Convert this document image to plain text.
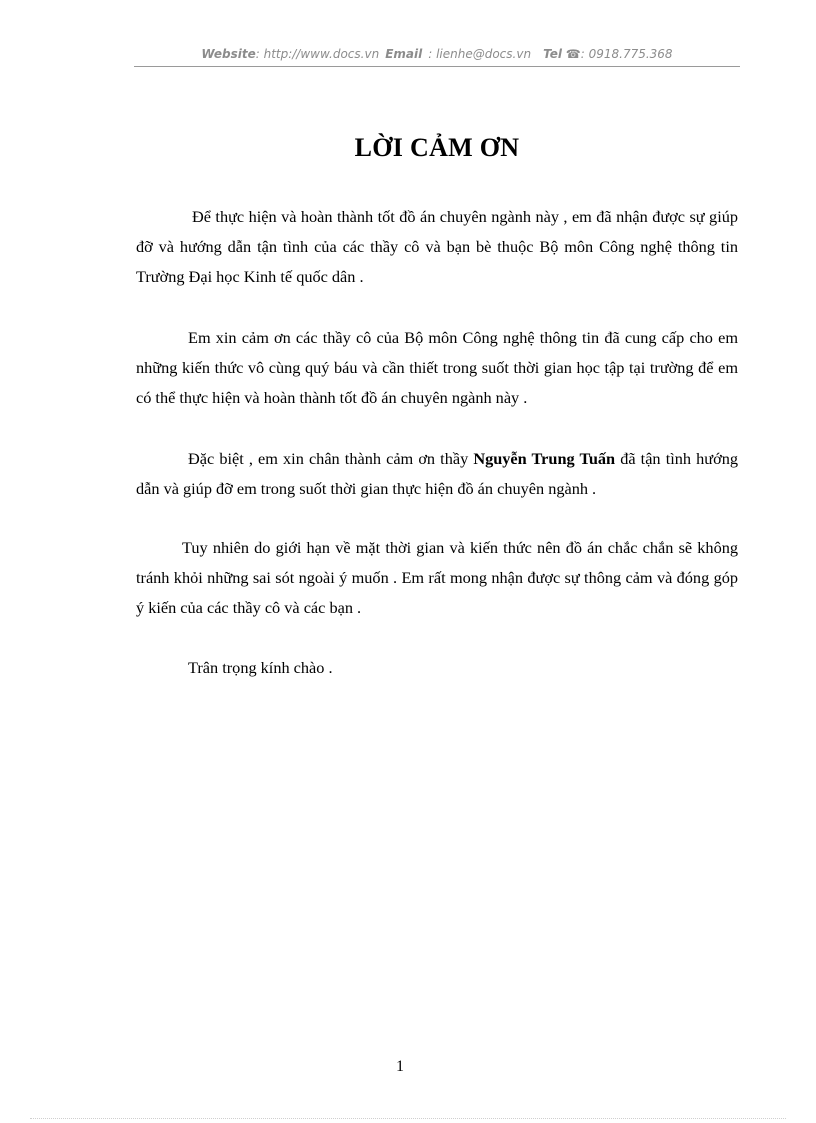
Website: http://www.docs.vn Email : lienhe@docs.vn Tel ☎: 0918.775.368
LỜI CẢM ƠN

Để thực hiện và hoàn thành tốt đồ án chuyên ngành này , em đã nhận được sự giúp đỡ và hướng dẫn tận tình của các thầy cô và bạn bè thuộc Bộ môn Công nghệ thông tin Trường Đại học Kinh tế quốc dân .

Em xin cảm ơn các thầy cô của Bộ môn Công nghệ thông tin đã cung cấp cho em những kiến thức vô cùng quý báu và cần thiết trong suốt thời gian học tập tại trường để em có thể thực hiện và hoàn thành tốt đồ án chuyên ngành này .

Đặc biệt , em xin chân thành cảm ơn thầy Nguyễn Trung Tuấn đã tận tình hướng dẫn và giúp đỡ em trong suốt thời gian thực hiện đồ án chuyên ngành .

Tuy nhiên do giới hạn về mặt thời gian và kiến thức nên đồ án chắc chắn sẽ không tránh khỏi những sai sót ngoài ý muốn . Em rất mong nhận được sự thông cảm và đóng góp ý kiến của các thầy cô và các bạn .

Trân trọng kính chào .

1
